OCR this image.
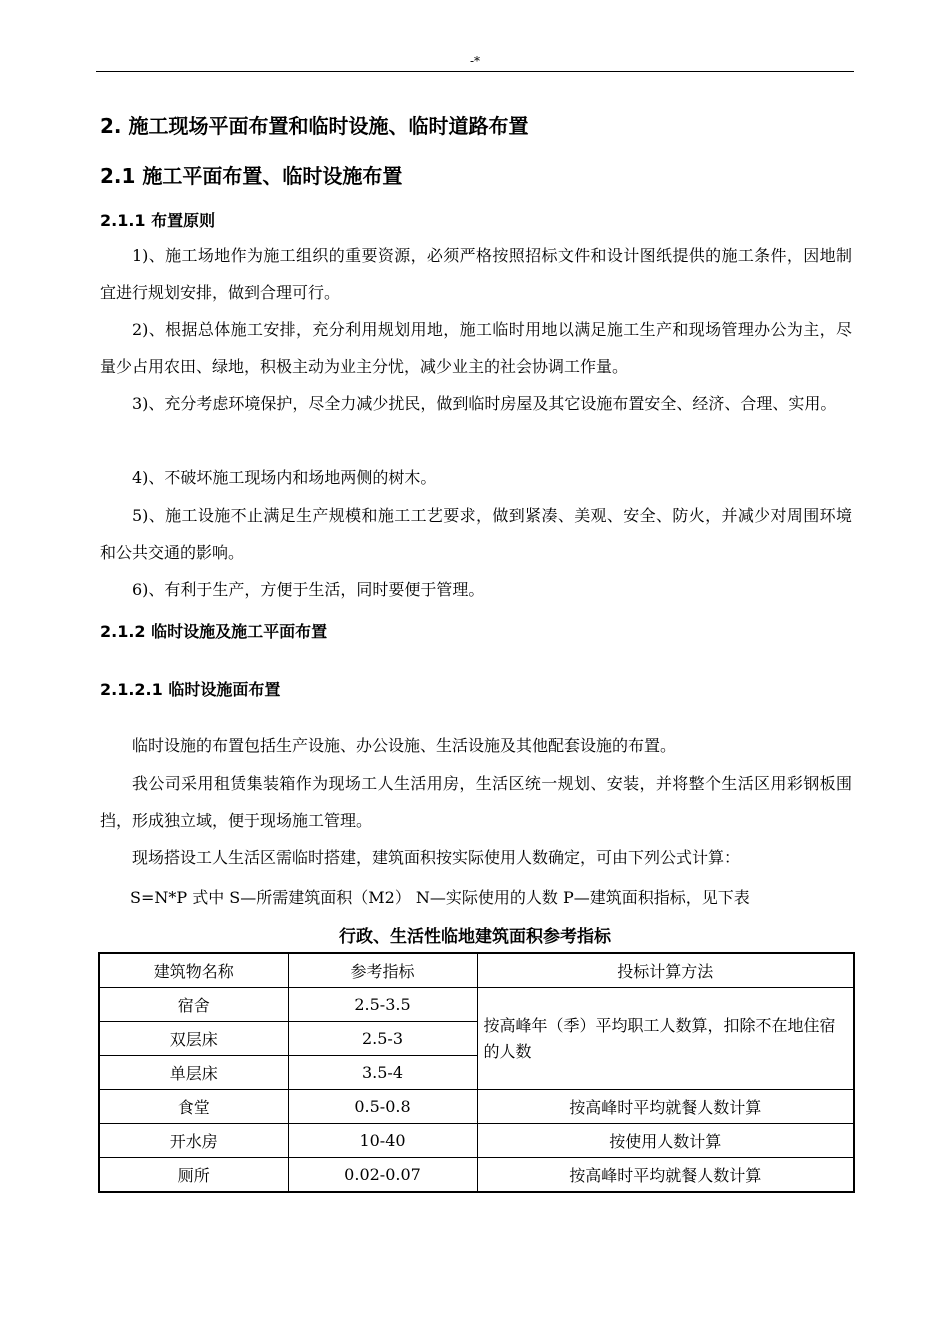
-*
2. 施工现场平面布置和临时设施、临时道路布置
2.1 施工平面布置、临时设施布置
2.1.1 布置原则

1)、施工场地作为施工组织的重要资源，必须严格按照招标文件和设计图纸提供的施工条件，因地制宜进行规划安排，做到合理可行。

2)、根据总体施工安排，充分利用规划用地，施工临时用地以满足施工生产和现场管理办公为主，尽量少占用农田、绿地，积极主动为业主分忧，减少业主的社会协调工作量。

3)、充分考虑环境保护，尽全力减少扰民，做到临时房屋及其它设施布置安全、经济、合理、实用。

4)、不破坏施工现场内和场地两侧的树木。

5)、施工设施不止满足生产规模和施工工艺要求，做到紧凑、美观、安全、防火，并减少对周围环境和公共交通的影响。

6)、有利于生产，方便于生活，同时要便于管理。

2.1.2 临时设施及施工平面布置
2.1.2.1 临时设施面布置

临时设施的布置包括生产设施、办公设施、生活设施及其他配套设施的布置。

我公司采用租赁集装箱作为现场工人生活用房，生活区统一规划、安装，并将整个生活区用彩钢板围挡，形成独立域，便于现场施工管理。

现场搭设工人生活区需临时搭建，建筑面积按实际使用人数确定，可由下列公式计算：

S=N*P 式中 S—所需建筑面积（M2） N—实际使用的人数 P—建筑面积指标，见下表
行政、生活性临地建筑面积参考指标
建筑物名称	参考指标	投标计算方法
宿舍	2.5-3.5	按高峰年（季）平均职工人数算，扣除不在地住宿的人数
双层床	2.5-3	
单层床	3.5-4	
食堂	0.5-0.8	按高峰时平均就餐人数计算
开水房	10-40	按使用人数计算
厕所	0.02-0.07	按高峰时平均就餐人数计算
